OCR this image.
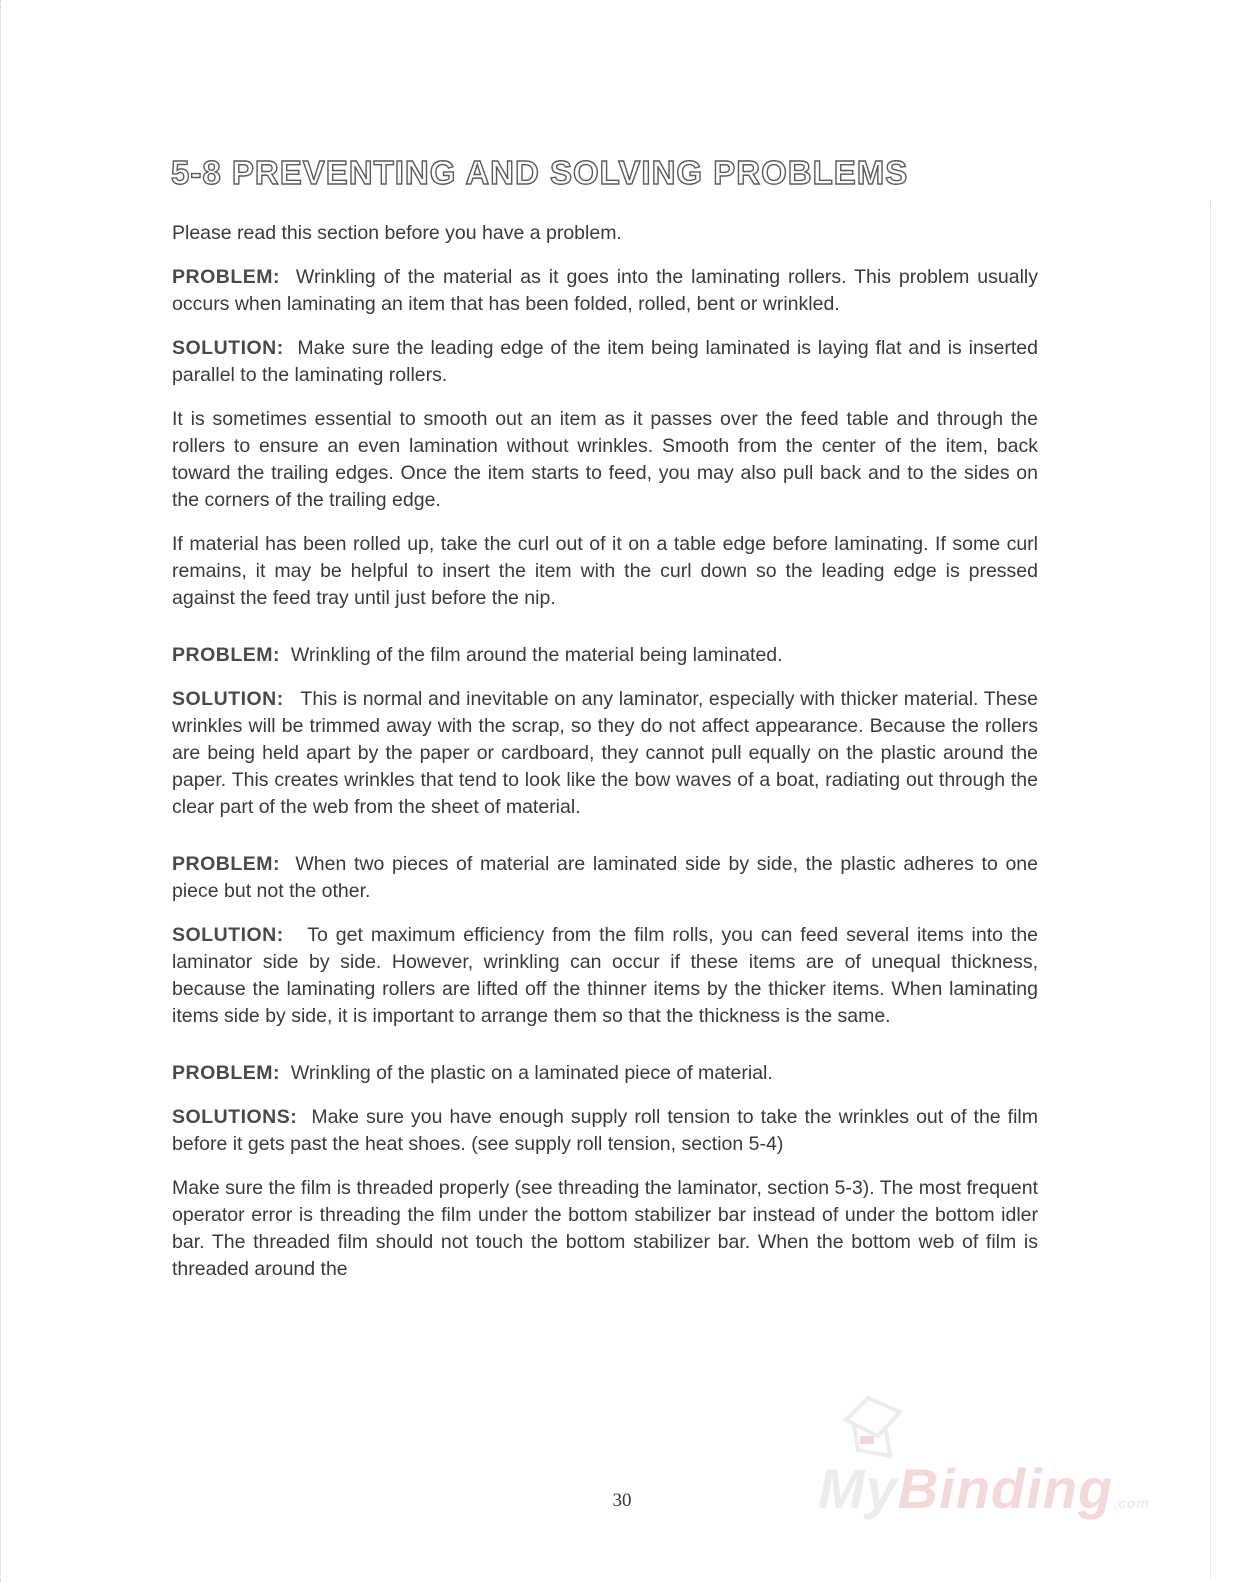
5-8 PREVENTING AND SOLVING PROBLEMS

Please read this section before you have a problem.

PROBLEM: Wrinkling of the material as it goes into the laminating rollers. This problem usually occurs when laminating an item that has been folded, rolled, bent or wrinkled.

SOLUTION: Make sure the leading edge of the item being laminated is laying flat and is inserted parallel to the laminating rollers.

It is sometimes essential to smooth out an item as it passes over the feed table and through the rollers to ensure an even lamination without wrinkles. Smooth from the center of the item, back toward the trailing edges. Once the item starts to feed, you may also pull back and to the sides on the corners of the trailing edge.

If material has been rolled up, take the curl out of it on a table edge before laminating. If some curl remains, it may be helpful to insert the item with the curl down so the leading edge is pressed against the feed tray until just before the nip.

PROBLEM: Wrinkling of the film around the material being laminated.

SOLUTION: This is normal and inevitable on any laminator, especially with thicker material. These wrinkles will be trimmed away with the scrap, so they do not affect appearance. Because the rollers are being held apart by the paper or cardboard, they cannot pull equally on the plastic around the paper. This creates wrinkles that tend to look like the bow waves of a boat, radiating out through the clear part of the web from the sheet of material.

PROBLEM: When two pieces of material are laminated side by side, the plastic adheres to one piece but not the other.

SOLUTION: To get maximum efficiency from the film rolls, you can feed several items into the laminator side by side. However, wrinkling can occur if these items are of unequal thickness, because the laminating rollers are lifted off the thinner items by the thicker items. When laminating items side by side, it is important to arrange them so that the thickness is the same.

PROBLEM: Wrinkling of the plastic on a laminated piece of material.

SOLUTIONS: Make sure you have enough supply roll tension to take the wrinkles out of the film before it gets past the heat shoes. (see supply roll tension, section 5-4)

Make sure the film is threaded properly (see threading the laminator, section 5-3). The most frequent operator error is threading the film under the bottom stabilizer bar instead of under the bottom idler bar. The threaded film should not touch the bottom stabilizer bar. When the bottom web of film is threaded around the

MyBinding.com
30
